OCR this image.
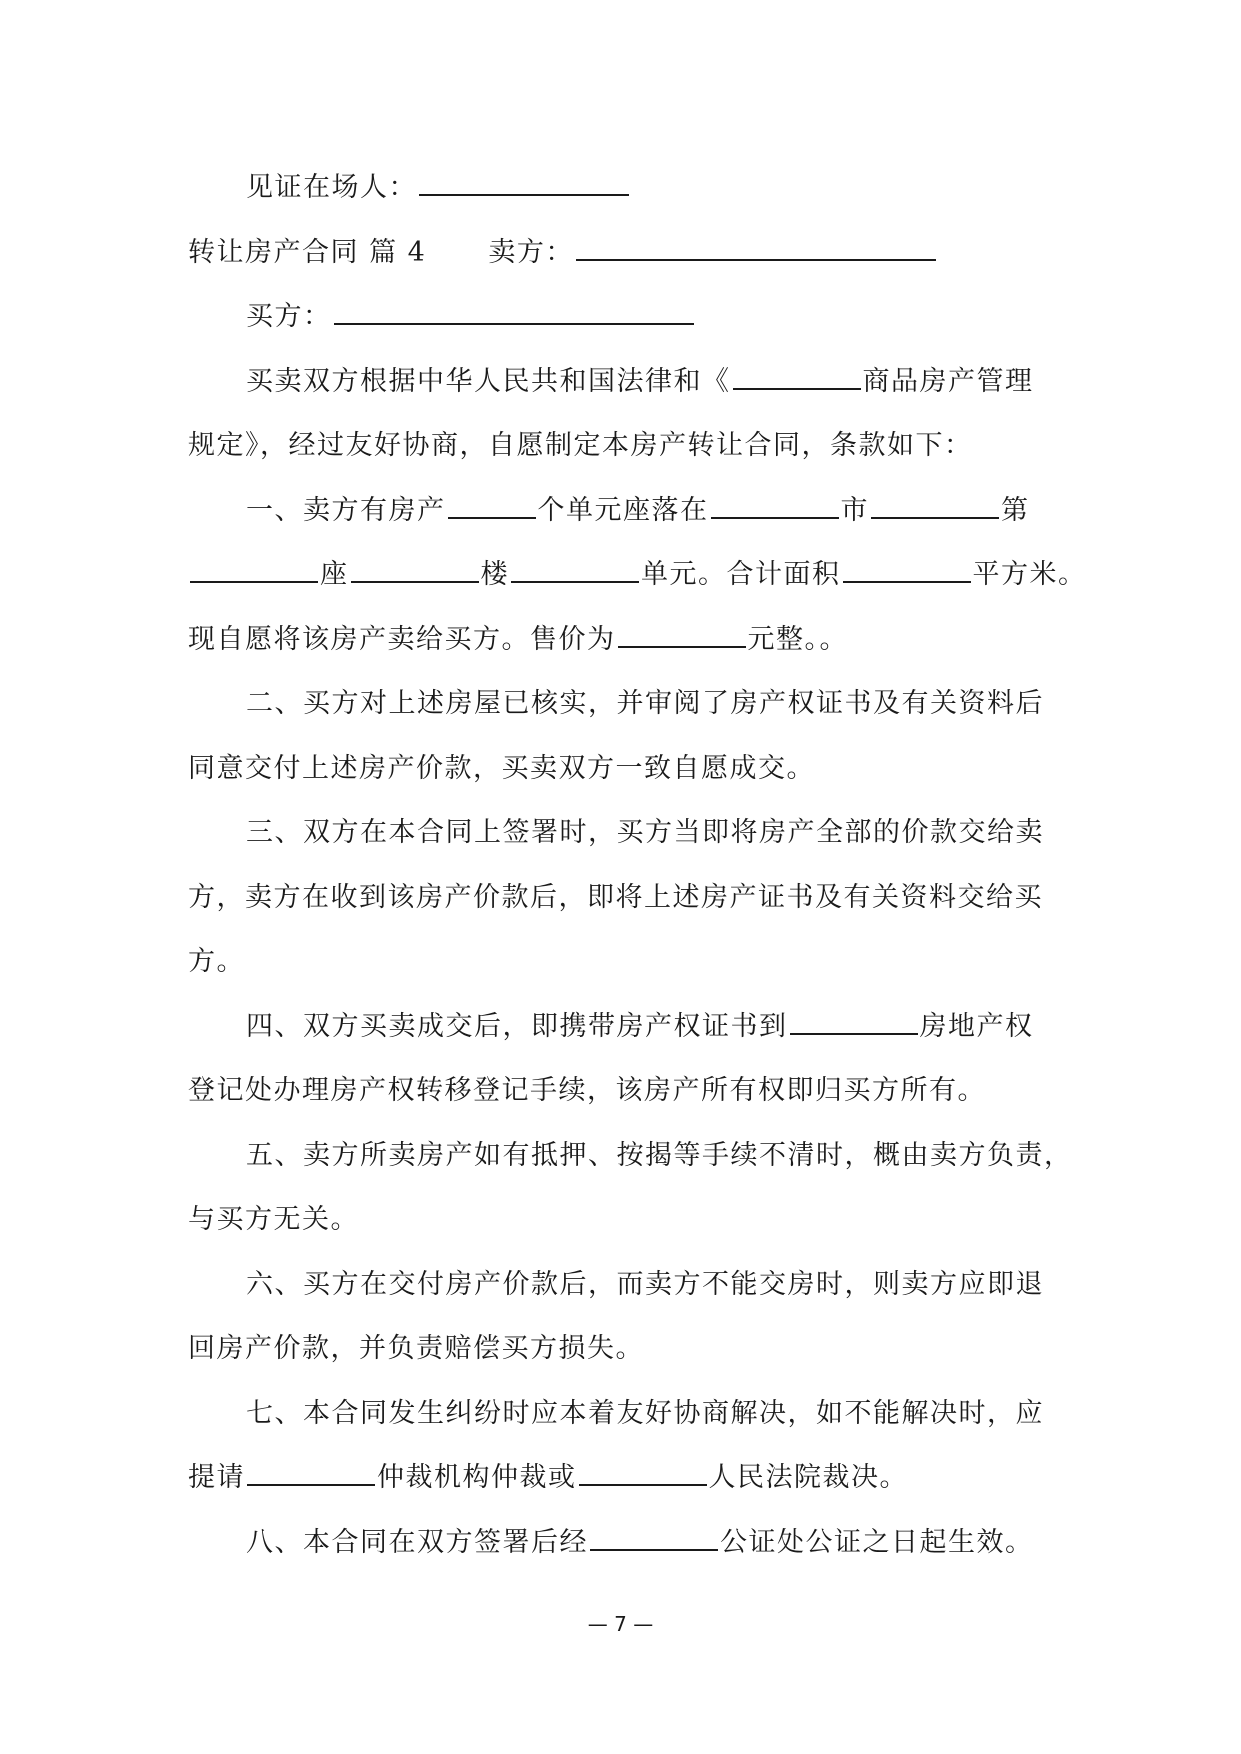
见证在场人：
转让房产合同 篇 4 卖方：
买方：
买卖双方根据中华人民共和国法律和《	商品房产管理
规定》，经过友好协商，自愿制定本房产转让合同，条款如下：
一、卖方有房产	个单元座落在	市	第
座	楼	单元。合计面积	平方米。
现自愿将该房产卖给买方。售价为	元整。。
二、买方对上述房屋已核实，并审阅了房产权证书及有关资料后
同意交付上述房产价款，买卖双方一致自愿成交。
三、双方在本合同上签署时，买方当即将房产全部的价款交给卖
方，卖方在收到该房产价款后，即将上述房产证书及有关资料交给买
方。
四、双方买卖成交后，即携带房产权证书到	房地产权
登记处办理房产权转移登记手续，该房产所有权即归买方所有。
五、卖方所卖房产如有抵押、按揭等手续不清时，概由卖方负责，
与买方无关。
六、买方在交付房产价款后，而卖方不能交房时，则卖方应即退
回房产价款，并负责赔偿买方损失。
七、本合同发生纠纷时应本着友好协商解决，如不能解决时，应
提请	仲裁机构仲裁或	人民法院裁决。
八、本合同在双方签署后经	公证处公证之日起生效。
— 7 —
